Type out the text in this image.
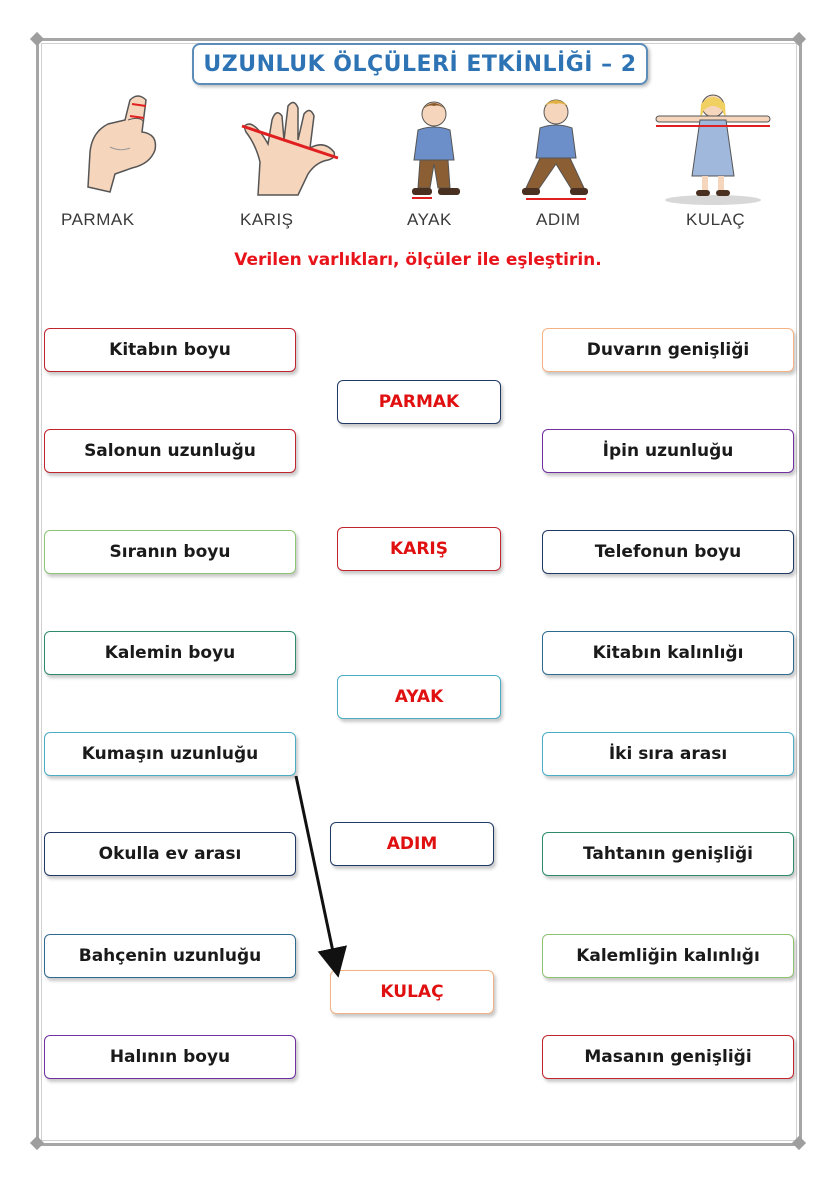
UZUNLUK ÖLÇÜLERİ ETKİNLİĞİ – 2
PARMAK	KARIŞ	AYAK	ADIM	KULAÇ
Verilen varlıkları, ölçüler ile eşleştirin.
Kitabın boyu
Salonun uzunluğu
Sıranın boyu
Kalemin boyu
Kumaşın uzunluğu
Okulla ev arası
Bahçenin uzunluğu
Halının boyu
PARMAK
KARIŞ
AYAK
ADIM
KULAÇ
Duvarın genişliği
İpin uzunluğu
Telefonun boyu
Kitabın kalınlığı
İki sıra arası
Tahtanın genişliği
Kalemliğin kalınlığı
Masanın genişliği
